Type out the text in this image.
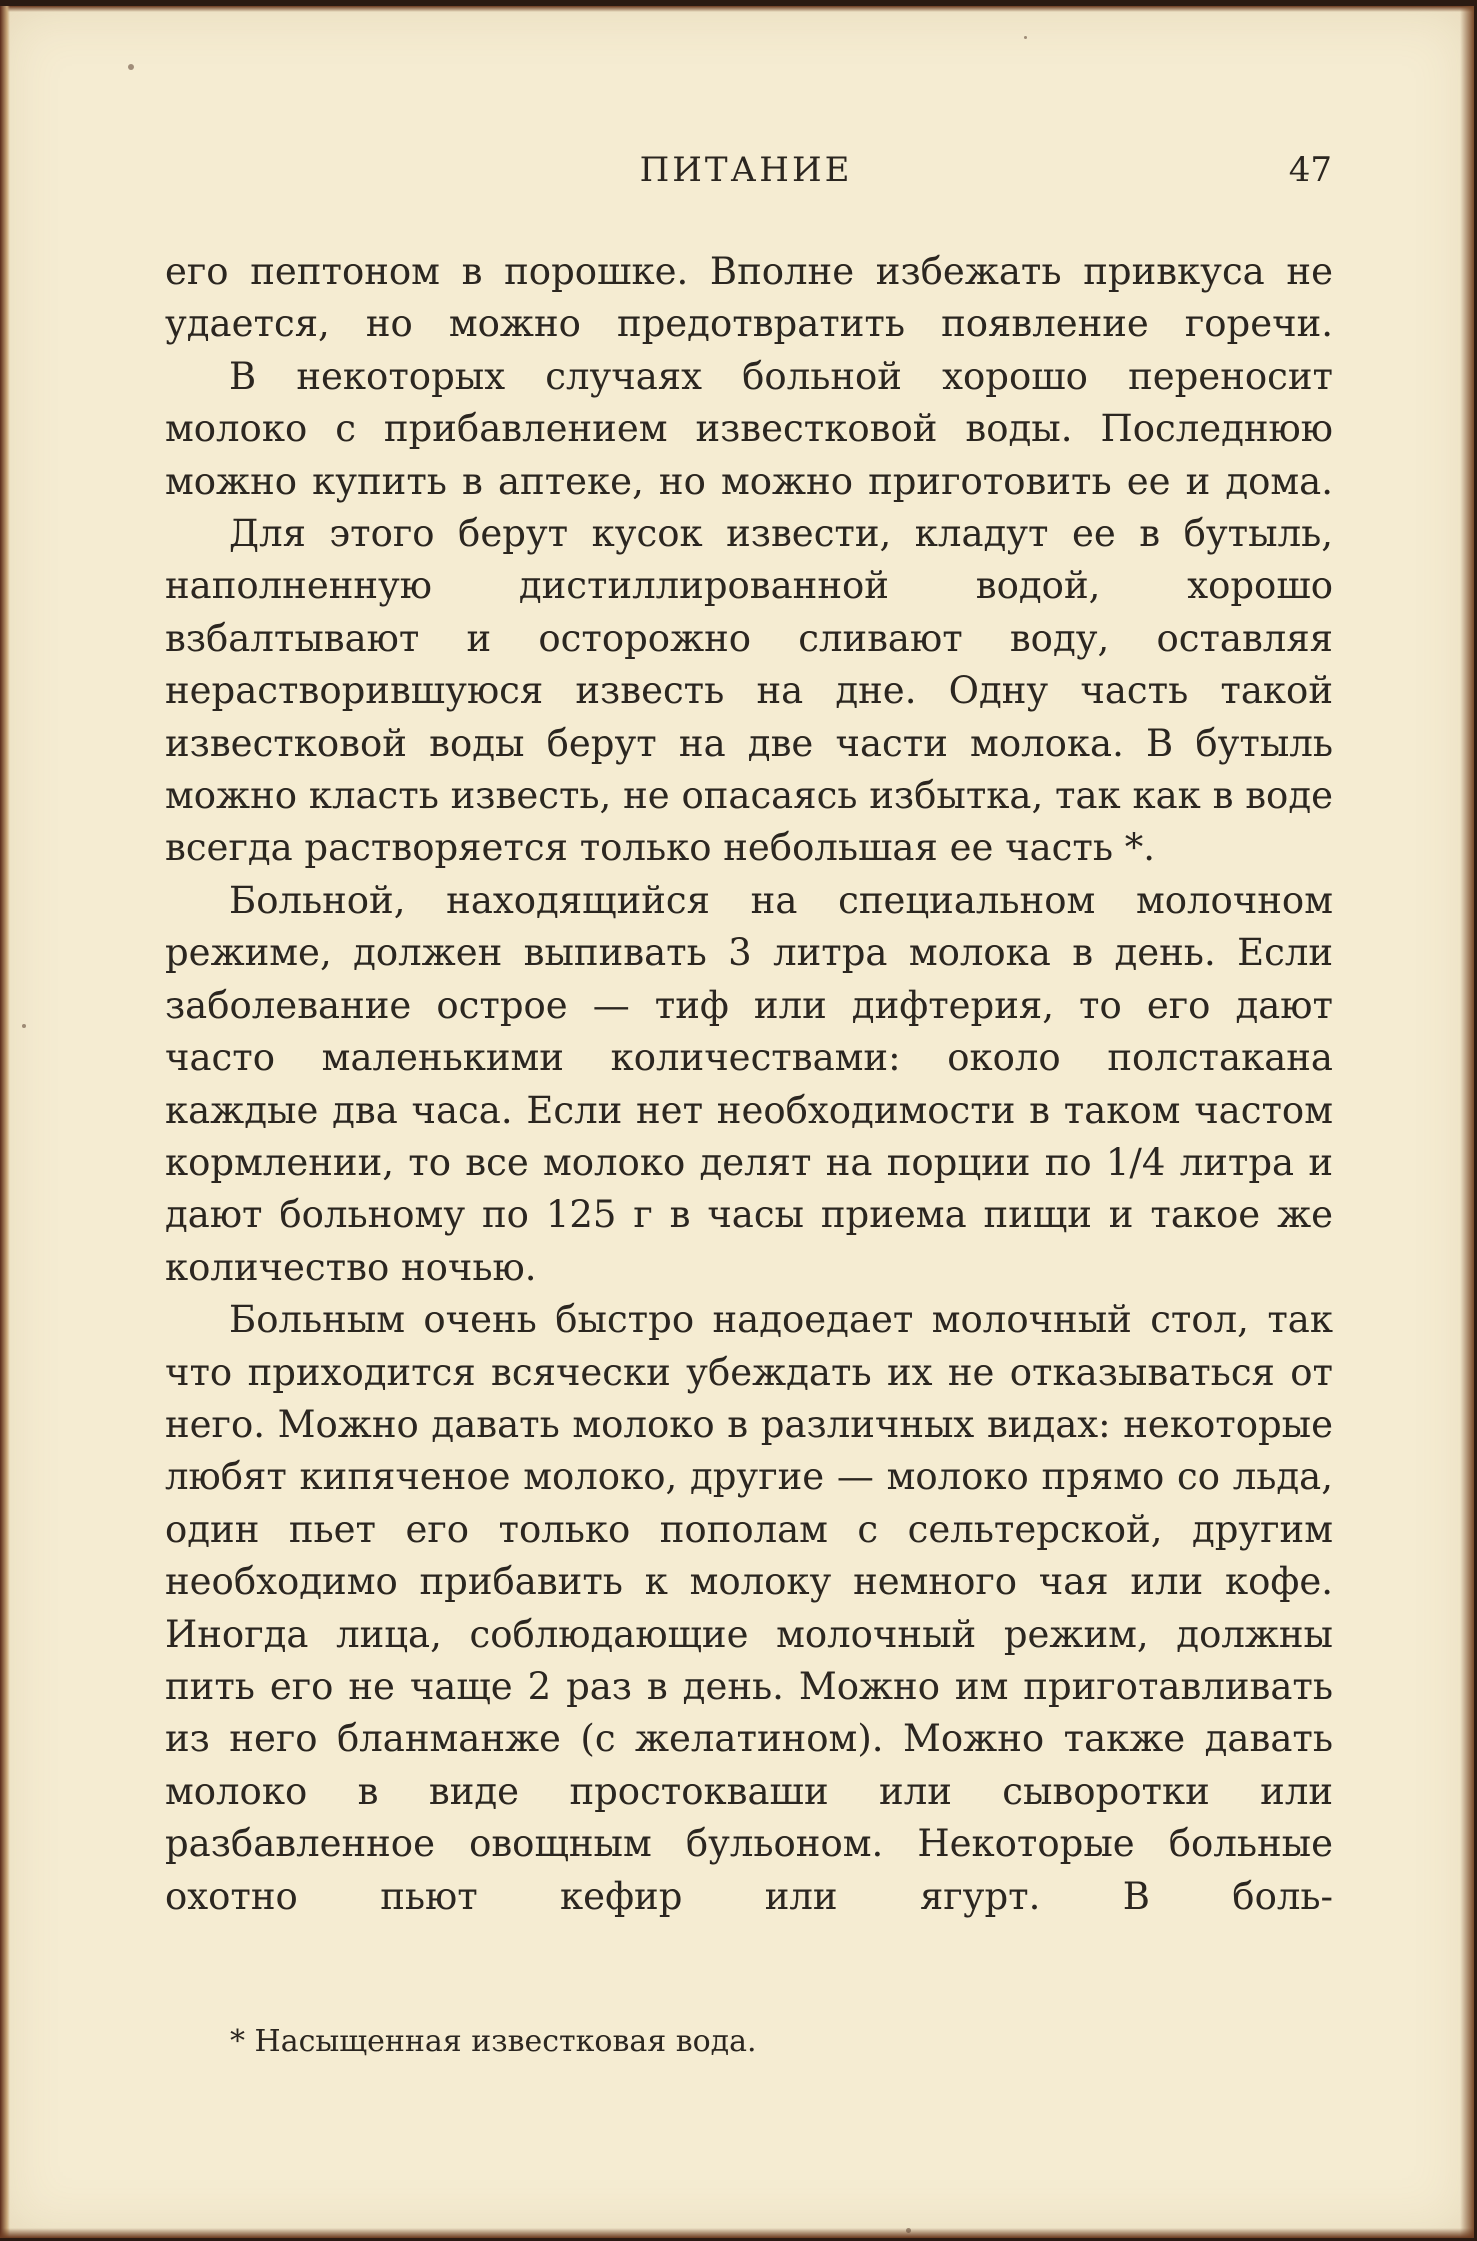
ПИТАНИЕ	47

его пептоном в порошке. Вполне избежать привкуса не удается, но можно предотвратить появление горечи.

В некоторых случаях больной хорошо переносит молоко с прибавлением известковой воды. Последнюю можно купить в аптеке, но можно приготовить ее и дома.

Для этого берут кусок извести, кладут ее в бутыль, наполненную дистиллированной водой, хорошо взбалтывают и осторожно сливают воду, оставляя нерастворившуюся известь на дне. Одну часть такой известковой воды берут на две части молока. В бутыль можно класть известь, не опасаясь избытка, так как в воде всегда растворяется только небольшая ее часть *.

Больной, находящийся на специальном молочном режиме, должен выпивать 3 литра молока в день. Если заболевание острое — тиф или дифтерия, то его дают часто маленькими количествами: около полстакана каждые два часа. Если нет необходимости в таком частом кормлении, то все молоко делят на порции по 1/4 литра и дают больному по 125 г в часы приема пищи и такое же количество ночью.

Больным очень быстро надоедает молочный стол, так что приходится всячески убеждать их не отказываться от него. Можно давать молоко в различных видах: некоторые любят кипяченое молоко, другие — молоко прямо со льда, один пьет его только пополам с сельтерской, другим необходимо прибавить к молоку немного чая или кофе. Иногда лица, соблюдающие молочный режим, должны пить его не чаще 2 раз в день. Можно им приготавливать из него бланманже (с желатином). Можно также давать молоко в виде простокваши или сыворотки или разбавленное овощным бульоном. Некоторые больные охотно пьют кефир или ягурт. В боль-

* Насыщенная известковая вода.
